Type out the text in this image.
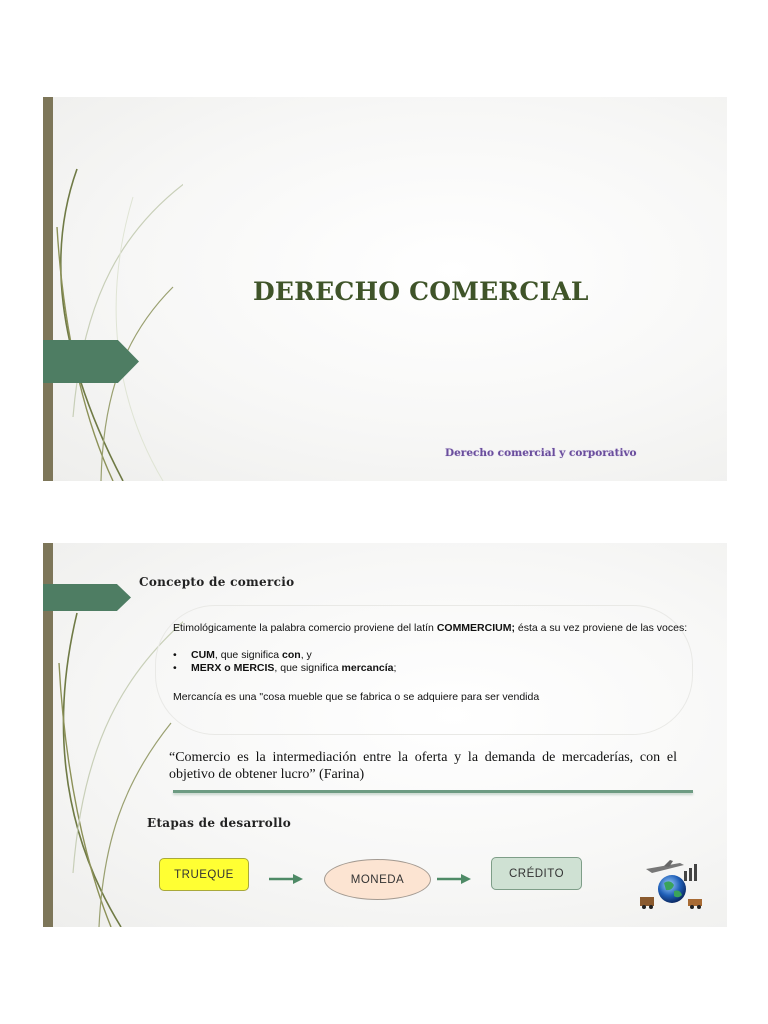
DERECHO COMERCIAL
Derecho comercial y corporativo
Concepto de comercio

Etimológicamente la palabra comercio proviene del latín COMMERCIUM; ésta a su vez proviene de las voces:

• CUM, que significa con, y
• MERX o MERCIS, que significa mercancía;

Mercancía es una "cosa mueble que se fabrica o se adquiere para ser vendida

“Comercio es la intermediación entre la oferta y la demanda de mercaderías, con el objetivo de obtener lucro” (Farina)

Etapas de desarrollo
TRUEQUE	MONEDA	CRÉDITO
